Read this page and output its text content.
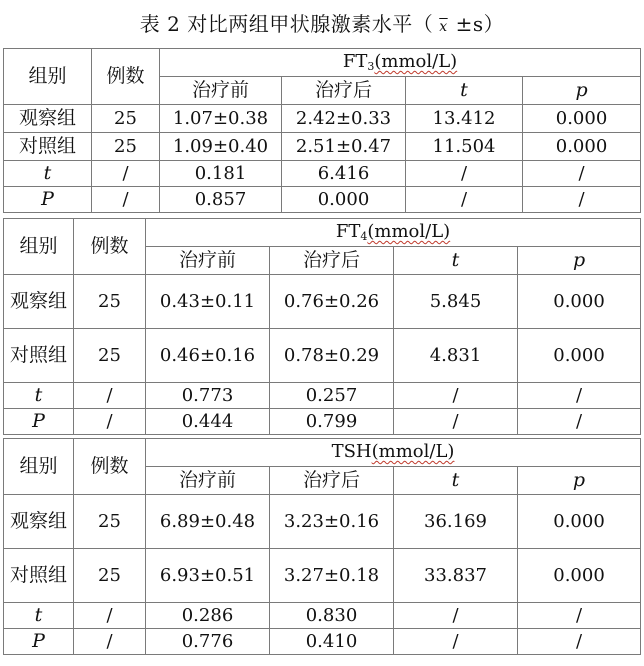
表 2 对比两组甲状腺激素水平（ $\overline{x} \pm s$）
组别	例数	$FT_3(mmol/L)$			
		治疗前	治疗后	t	p
观察组	25	1.07±0.38	2.42±0.33	13.412	0.000
对照组	25	1.09±0.40	2.51±0.47	11.504	0.000
t	/	0.181	6.416	/	/
P	/	0.857	0.000	/	/
组别	例数	$FT_4(mmol/L)$			
		治疗前	治疗后	t	p
观察组	25	0.43±0.11	0.76±0.26	5.845	0.000
对照组	25	0.46±0.16	0.78±0.29	4.831	0.000
t	/	0.773	0.257	/	/
P	/	0.444	0.799	/	/
组别	例数	TSH(mmol/L)			
		治疗前	治疗后	t	p
观察组	25	6.89±0.48	3.23±0.16	36.169	0.000
对照组	25	6.93±0.51	3.27±0.18	33.837	0.000
t	/	0.286	0.830	/	/
P	/	0.776	0.410	/	/
